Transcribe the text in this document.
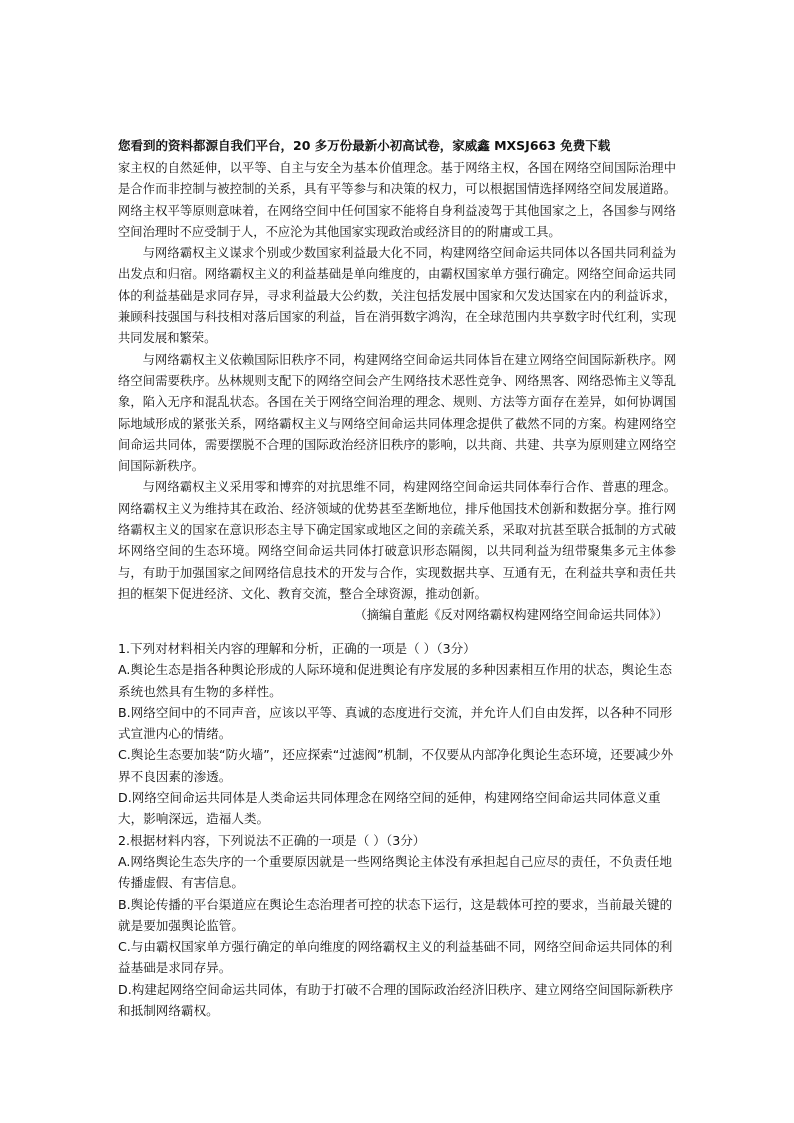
您看到的资料都源自我们平台，20 多万份最新小初高试卷，家威鑫 MXSJ663 免费下载

家主权的自然延伸，以平等、自主与安全为基本价值理念。基于网络主权，各国在网络空间国际治理中是合作而非控制与被控制的关系，具有平等参与和决策的权力，可以根据国情选择网络空间发展道路。网络主权平等原则意味着，在网络空间中任何国家不能将自身利益凌驾于其他国家之上，各国参与网络空间治理时不应受制于人，不应沦为其他国家实现政治或经济目的的附庸或工具。

与网络霸权主义谋求个别或少数国家利益最大化不同，构建网络空间命运共同体以各国共同利益为出发点和归宿。网络霸权主义的利益基础是单向维度的，由霸权国家单方强行确定。网络空间命运共同体的利益基础是求同存异，寻求利益最大公约数，关注包括发展中国家和欠发达国家在内的利益诉求，兼顾科技强国与科技相对落后国家的利益，旨在消弭数字鸿沟，在全球范围内共享数字时代红利，实现共同发展和繁荣。

与网络霸权主义依赖国际旧秩序不同，构建网络空间命运共同体旨在建立网络空间国际新秩序。网络空间需要秩序。丛林规则支配下的网络空间会产生网络技术恶性竞争、网络黑客、网络恐怖主义等乱象，陷入无序和混乱状态。各国在关于网络空间治理的理念、规则、方法等方面存在差异，如何协调国际地域形成的紧张关系，网络霸权主义与网络空间命运共同体理念提供了截然不同的方案。构建网络空间命运共同体，需要摆脱不合理的国际政治经济旧秩序的影响，以共商、共建、共享为原则建立网络空间国际新秩序。

与网络霸权主义采用零和博弈的对抗思维不同，构建网络空间命运共同体奉行合作、普惠的理念。网络霸权主义为维持其在政治、经济领域的优势甚至垄断地位，排斥他国技术创新和数据分享。推行网络霸权主义的国家在意识形态主导下确定国家或地区之间的亲疏关系，采取对抗甚至联合抵制的方式破坏网络空间的生态环境。网络空间命运共同体打破意识形态隔阂，以共同利益为纽带聚集多元主体参与，有助于加强国家之间网络信息技术的开发与合作，实现数据共享、互通有无，在利益共享和责任共担的框架下促进经济、文化、教育交流，整合全球资源，推动创新。

（摘编自董彪《反对网络霸权构建网络空间命运共同体》）

1.下列对材料相关内容的理解和分析，正确的一项是（ ）（3分）
A.舆论生态是指各种舆论形成的人际环境和促进舆论有序发展的多种因素相互作用的状态，舆论生态系统也然具有生物的多样性。
B.网络空间中的不同声音，应该以平等、真诚的态度进行交流，并允许人们自由发挥，以各种不同形式宣泄内心的情绪。
C.舆论生态要加装“防火墙”，还应探索“过滤阀”机制，不仅要从内部净化舆论生态环境，还要减少外界不良因素的渗透。
D.网络空间命运共同体是人类命运共同体理念在网络空间的延伸，构建网络空间命运共同体意义重大，影响深远，造福人类。
2.根据材料内容，下列说法不正确的一项是（ ）（3分）
A.网络舆论生态失序的一个重要原因就是一些网络舆论主体没有承担起自己应尽的责任，不负责任地传播虚假、有害信息。
B.舆论传播的平台渠道应在舆论生态治理者可控的状态下运行，这是载体可控的要求，当前最关键的就是要加强舆论监管。
C.与由霸权国家单方强行确定的单向维度的网络霸权主义的利益基础不同，网络空间命运共同体的利益基础是求同存异。
D.构建起网络空间命运共同体，有助于打破不合理的国际政治经济旧秩序、建立网络空间国际新秩序和抵制网络霸权。
